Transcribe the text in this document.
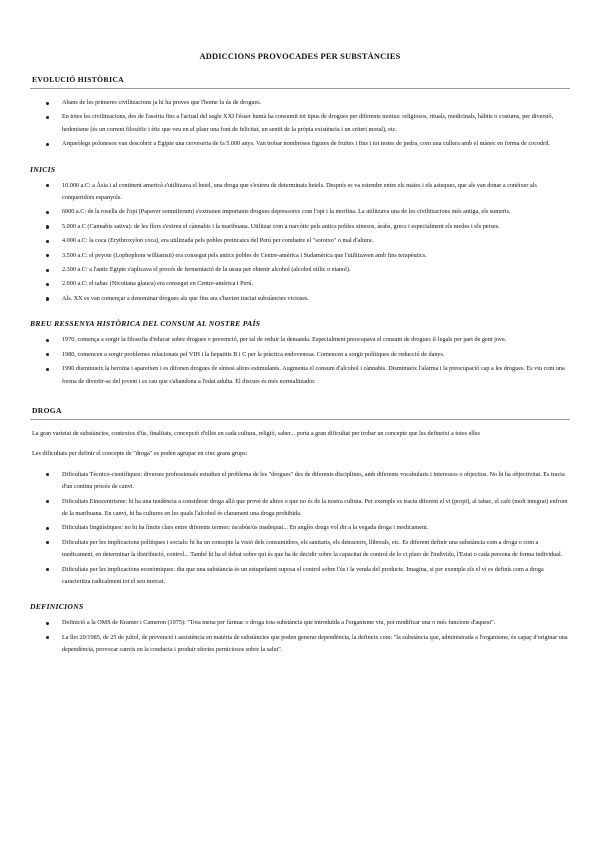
ADDICCIONS PROVOCADES PER SUBSTÀNCIES
EVOLUCIÓ HISTÒRICA
Abans de les primeres civilitzacions ja hi ha proves que l'home fa ús de drogues.
En totes les civilitzacions, des de l'assíria fins a l'actual del segle XXI l'ésser humà ha consumit tot tipus de drogues per diferents motius: religiosos, rituals, medicinals, hàbits o costums, per diversió, hedonisme (és un corrent filosòfic i ètic que veu en el plaer una font de felicitat, un sentit de la pròpia existència i un criteri moral), etc.
Arqueòlegs polonesos van descobrir a Egipte una cerveseria de fa 5.000 anys. Van trobar nombroses figures de fruites i fins i tot testes de pedra, com una cullera amb el mànec en forma de cocodril.
INICIS
10.000 a.C: a Àsia i al continent americà s'utilitzava el betel, una droga que s'extreu de determinats betels. Després es va estendre entre els maies i els asteques, que als van donar a conèixer als conqueridors espanyols.
6000 a.C: de la rosella de l'opi (Papaver somniferum) s'extrauen importants drogues depressores com l'opi i la morfina. La utilitzava una de les civilitzacions més antiga, els sumeris.
5.000 a.C (Cannabis sativa): de les flors s'extreu el cànnabis i la marihuana. Utilitzat com a narcòtic pels antics pobles xinesos, àrabs, grecs i especialment els medes i els perses.
4.000 a.C: la coca (Erythroxylon coca), era utilitzada pels pobles preincaics del Perú per combatre el "sorotxo" o mal d'altura.
3.500 a.C: el peyote (Lophophora williamsii) era consegut pels antics pobles de Centre-amèrica i Sudamèrica que l'utilitzaven amb fins terapèutics.
2.300 a.C: a l'antic Egipte s'aplicava el procés de fermentació de la ussra per obtenir alcohol (alcohol etílic o etanol).
2.000 a.C: el tabac (Nicotiana glauca) era consegut en Centre-amèrica i Perú.
Als. XX es van començar a denominar drogues als que fins ara s'havien tractat substàncies vicioses.
BREU RESSENYA HISTÒRICA DEL CONSUM AL NOSTRE PAÍS
1970, comença a sorgir la filosofia d'educar sobre drogues o prevenció, per tal de reduir la demanda. Especialment preocupava el consum de drogues il·legals per part de gent jove.
1980, comencen a sorgir problemes relacionats pel VIH i la hepatitis B i C per la pràctica endovenosa. Comencen a sorgir polítiques de reducció de danys.
1990 disminueix la heroïna i apareixen i es difonen drogues de síntesi altres estimulants. Augmenta el consum d'alcohol i cànnabis. Disminueix l'alarma i la preocupació cap a les drogues. Es viu com una forma de divertir-se del jovent i es cau que s'abandona a l'edat adulta. El discurs és més normalitzador.
DROGA

La gran varietat de substàncies, contextos d'ús, finalitats, concepció d'elles en cada cultura, religió, saber... porta a gran dificultat per trobar un concepte que les defineixi a totes elles

Les dificultats per definir el concepte de "droga" es poden agrupar en cinc grans grups:

Dificultats Tècnico-científiques: diverses professionals estudien el problema de les "drogues" des de diferents disciplines, amb diferents vocabularis i interessos o objectius. No hi ha objectivitat. Es tracta d'un continu procés de canvi.
Dificultats Etnocentrisme: hi ha una tendència a considerar droga allò que prové de altres o que no és de la nostra cultura. Per exemple es tracta diferent el vi (propi), al tabac, el cafè (molt integrat) enfront de la marihuana. En canvi, hi ha cultures en les quals l'alcohol és clarament una droga prohibida.
Dificultats lingüístiques: no hi ha límits clars entre diferents termes: ús/abús/ús inadequat... En anglès drugs vol dir a la vegada droga i medicament.
Dificultats per les implicacions polítiques i socials: hi ha un concepte la visió dels consumidors, els sanitaris, els detractors, llibreals, etc. Es diferent definir una substància com a droga o com a medicament, en determinar la distribució, control... També hi ha el debat sobre qui és que ha de decidir sobre la capacitat de control de lo ci plaer de l'individu, l'Estat o cada persona de forma individual.
Dificultats per les implicacions econòmiques: diu que una substància és un estupefaent suposa el control sobre l'ús i la venda del producte. Imagina, si per exemple els el vi es definís com a droga caracteritza radicalment tot el seu mercat.
DEFINICIONS
Definició a la OMS de Kramer i Cameron (1975): "Tota mena per fàrmac o droga tota substància que introduïda a l'organisme viu, pot modificar una o més funcions d'aquest".
La llei 20/1985, de 25 de juliol, de prevenció i assistència en matèria de substàncies que poden generar dependència, la defineix com: "la substància que, administrada a l'organisme, és capaç d'originar una dependència, provocar canvis en la conducta i produir efectes perniciosos sobre la salut".
